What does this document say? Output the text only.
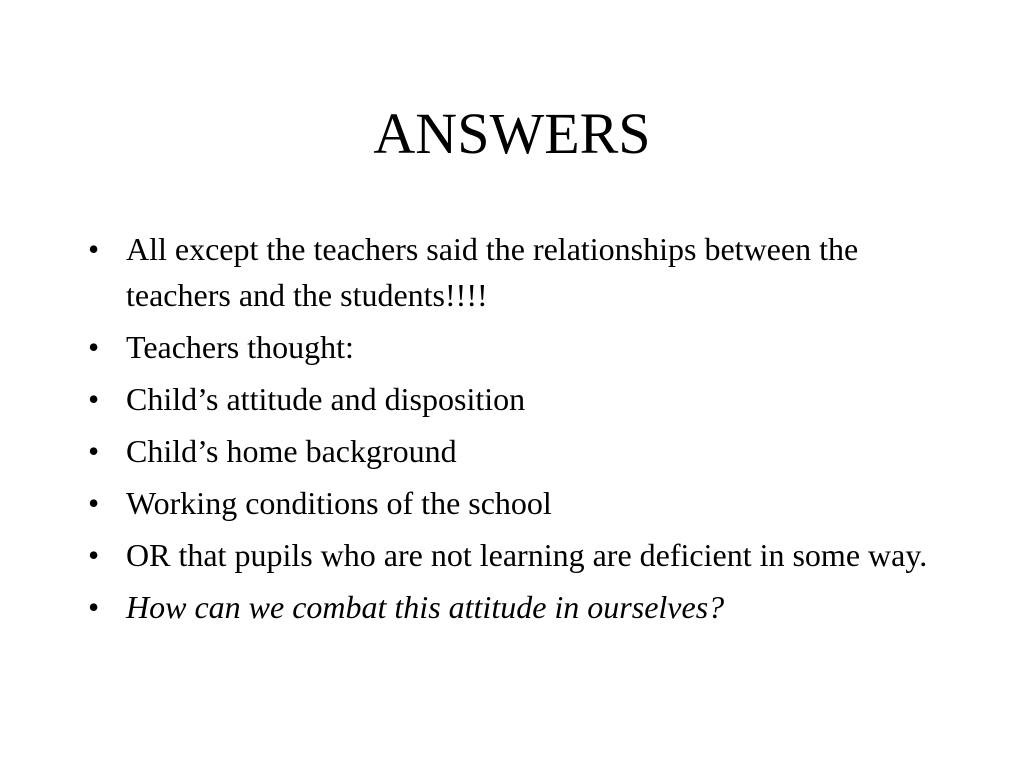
ANSWERS
• All except the teachers said the relationships between the teachers and the students!!!!
• Teachers thought:
• Child’s attitude and disposition
• Child’s home background
• Working conditions of the school
• OR that pupils who are not learning are deficient in some way.
• How can we combat this attitude in ourselves?
